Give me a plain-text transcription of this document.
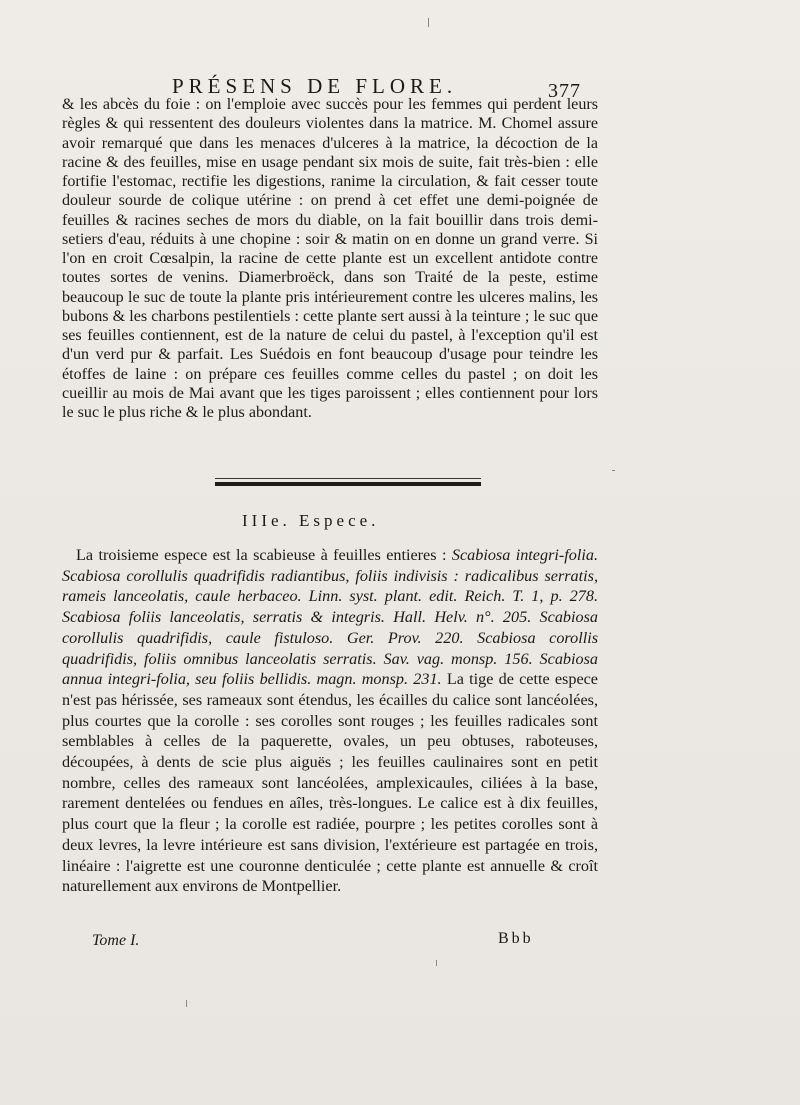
PRÉSENS DE FLORE.	377

& les abcès du foie : on l'emploie avec succès pour les femmes qui perdent leurs règles & qui ressentent des douleurs violentes dans la matrice. M. Chomel assure avoir remarqué que dans les menaces d'ulceres à la matrice, la décoction de la racine & des feuilles, mise en usage pendant six mois de suite, fait très-bien : elle fortifie l'estomac, rectifie les digestions, ranime la circulation, & fait cesser toute douleur sourde de colique utérine : on prend à cet effet une demi-poignée de feuilles & racines seches de mors du diable, on la fait bouillir dans trois demi-setiers d'eau, réduits à une chopine : soir & matin on en donne un grand verre. Si l'on en croit Cœsalpin, la racine de cette plante est un excellent antidote contre toutes sortes de venins. Diamerbroëck, dans son Traité de la peste, estime beaucoup le suc de toute la plante pris intérieurement contre les ulceres malins, les bubons & les charbons pestilentiels : cette plante sert aussi à la teinture ; le suc que ses feuilles contiennent, est de la nature de celui du pastel, à l'exception qu'il est d'un verd pur & parfait. Les Suédois en font beaucoup d'usage pour teindre les étoffes de laine : on prépare ces feuilles comme celles du pastel ; on doit les cueillir au mois de Mai avant que les tiges paroissent ; elles contiennent pour lors le suc le plus riche & le plus abondant.

IIIe. Espece.

La troisieme espece est la scabieuse à feuilles entieres : Scabiosa integri-folia. Scabiosa corollulis quadrifidis radiantibus, foliis indivisis : radicalibus serratis, rameis lanceolatis, caule herbaceo. Linn. syst. plant. edit. Reich. T. 1, p. 278. Scabiosa foliis lanceolatis, serratis & integris. Hall. Helv. n°. 205. Scabiosa corollulis quadrifidis, caule fistuloso. Ger. Prov. 220. Scabiosa corollis quadrifidis, foliis omnibus lanceolatis serratis. Sav. vag. monsp. 156. Scabiosa annua integri-folia, seu foliis bellidis. magn. monsp. 231. La tige de cette espece n'est pas hérissée, ses rameaux sont étendus, les écailles du calice sont lancéolées, plus courtes que la corolle : ses corolles sont rouges ; les feuilles radicales sont semblables à celles de la paquerette, ovales, un peu obtuses, raboteuses, découpées, à dents de scie plus aiguës ; les feuilles caulinaires sont en petit nombre, celles des rameaux sont lancéolées, amplexicaules, ciliées à la base, rarement dentelées ou fendues en aîles, très-longues. Le calice est à dix feuilles, plus court que la fleur ; la corolle est radiée, pourpre ; les petites corolles sont à deux levres, la levre intérieure est sans division, l'extérieure est partagée en trois, linéaire : l'aigrette est une couronne denticulée ; cette plante est annuelle & croît naturellement aux environs de Montpellier.

Tome I.	Bbb
